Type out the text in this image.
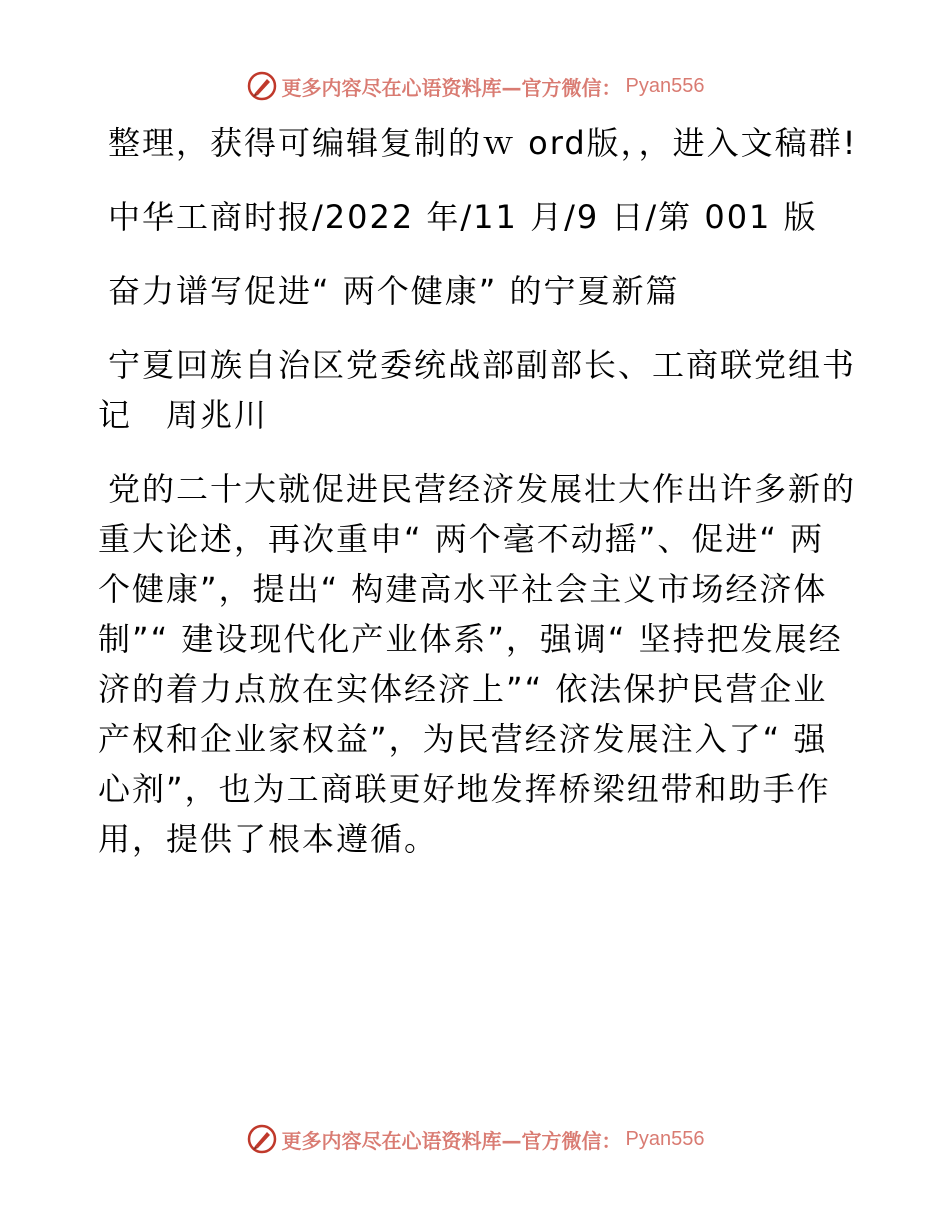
更多内容尽在心语资料库—官方微信： Pyan556

整理，获得可编辑复制的ｗ ord版，，进入文稿群!

中华工商时报/2022 年/11 月/9 日/第 001 版

奋力谱写促进“ 两个健康” 的宁夏新篇

宁夏回族自治区党委统战部副部长、工商联党组书记　周兆川

党的二十大就促进民营经济发展壮大作出许多新的重大论述，再次重申“ 两个毫不动摇”、促进“ 两个健康”，提出“ 构建高水平社会主义市场经济体制”“ 建设现代化产业体系”，强调“ 坚持把发展经济的着力点放在实体经济上”“ 依法保护民营企业产权和企业家权益”，为民营经济发展注入了“ 强心剂”，也为工商联更好地发挥桥梁纽带和助手作用，提供了根本遵循。

更多内容尽在心语资料库—官方微信： Pyan556
